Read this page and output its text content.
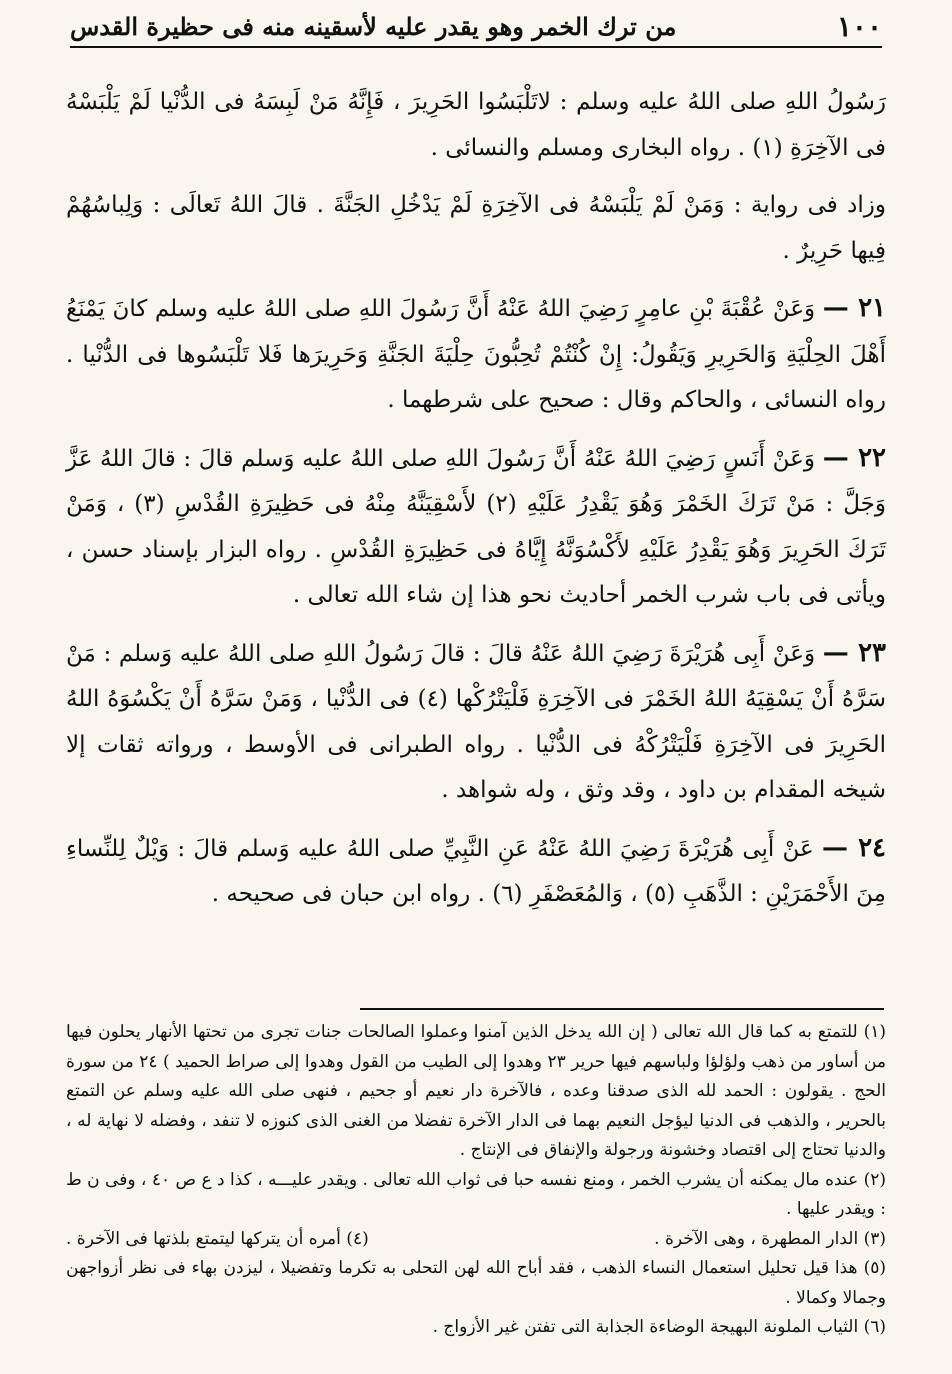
١٠٠
من ترك الخمر وهو يقدر عليه لأسقينه منه فى حظيرة القدس

رَسُولُ اللهِ صلى اللهُ عليه وسلم : لاتَلْبَسُوا الحَرِيرَ ، فَإِنَّهُ مَنْ لَبِسَهُ فى الدُّنْيا لَمْ يَلْبَسْهُ فى الآخِرَةِ (١) . رواه البخارى ومسلم والنسائى .

وزاد فى رواية : وَمَنْ لَمْ يَلْبَسْهُ فى الآخِرَةِ لَمْ يَدْخُلِ الجَنَّةَ . قالَ اللهُ تَعالَى : وَلِباسُهُمْ فِيها حَرِيرٌ .

٢١ — وَعَنْ عُقْبَةَ بْنِ عامِرٍ رَضِيَ اللهُ عَنْهُ أَنَّ رَسُولَ اللهِ صلى اللهُ عليه وسلم كانَ يَمْنَعُ أَهْلَ الحِلْيَةِ وَالحَرِيرِ وَيَقُولُ: إِنْ كُنْتُمْ تُحِبُّونَ حِلْيَةَ الجَنَّةِ وَحَرِيرَها فَلا تَلْبَسُوها فى الدُّنْيا . رواه النسائى ، والحاكم وقال : صحيح على شرطهما .

٢٢ — وَعَنْ أَنَسٍ رَضِيَ اللهُ عَنْهُ أَنَّ رَسُولَ اللهِ صلى اللهُ عليه وَسلم قالَ : قالَ اللهُ عَزَّ وَجَلَّ : مَنْ تَرَكَ الخَمْرَ وَهُوَ يَقْدِرُ عَلَيْهِ (٢) لأَسْقِيَنَّهُ مِنْهُ فى حَظِيرَةِ القُدْسِ (٣) ، وَمَنْ تَرَكَ الحَرِيرَ وَهُوَ يَقْدِرُ عَلَيْهِ لأَكْسُوَنَّهُ إِيَّاهُ فى حَظِيرَةِ القُدْسِ . رواه البزار بإسناد حسن ، ويأتى فى باب شرب الخمر أحاديث نحو هذا إن شاء الله تعالى .

٢٣ — وَعَنْ أَبِى هُرَيْرَةَ رَضِيَ اللهُ عَنْهُ قالَ : قالَ رَسُولُ اللهِ صلى اللهُ عليه وَسلم : مَنْ سَرَّهُ أَنْ يَسْقِيَهُ اللهُ الخَمْرَ فى الآخِرَةِ فَلْيَتْرُكْها (٤) فى الدُّنْيا ، وَمَنْ سَرَّهُ أَنْ يَكْسُوَهُ اللهُ الحَرِيرَ فى الآخِرَةِ فَلْيَتْرُكْهُ فى الدُّنْيا . رواه الطبرانى فى الأوسط ، ورواته ثقات إلا شيخه المقدام بن داود ، وقد وثق ، وله شواهد .

٢٤ — عَنْ أَبِى هُرَيْرَةَ رَضِيَ اللهُ عَنْهُ عَنِ النَّبِيِّ صلى اللهُ عليه وَسلم قالَ : وَيْلٌ لِلنِّساءِ مِنَ الأَحْمَرَيْنِ : الذَّهَبِ (٥) ، وَالمُعَصْفَرِ (٦) . رواه ابن حبان فى صحيحه .

(١) للتمتع به كما قال الله تعالى ( إن الله يدخل الذين آمنوا وعملوا الصالحات جنات تجرى من تحتها الأنهار يحلون فيها من أساور من ذهب ولؤلؤا ولباسهم فيها حرير ٢٣ وهدوا إلى الطيب من القول وهدوا إلى صراط الحميد ) ٢٤ من سورة الحج . يقولون : الحمد لله الذى صدقنا وعده ، فالآخرة دار نعيم أو جحيم ، فنهى صلى الله عليه وسلم عن التمتع بالحرير ، والذهب فى الدنيا ليؤجل النعيم بهما فى الدار الآخرة تفضلا من الغنى الذى كنوزه لا تنفد ، وفضله لا نهاية له ، والدنيا تحتاج إلى اقتصاد وخشونة ورجولة والإنفاق فى الإنتاج .

(٢) عنده مال يمكنه أن يشرب الخمر ، ومنع نفسه حبا فى ثواب الله تعالى . ويقدر عليـــه ، كذا د ع ص ٤٠ ، وفى ن ط : ويقدر عليها .

(٣) الدار المطهرة ، وهى الآخرة .
(٤) أمره أن يتركها ليتمتع بلذتها فى الآخرة .

(٥) هذا قيل تحليل استعمال النساء الذهب ، فقد أباح الله لهن التحلى به تكرما وتفضيلا ، ليزدن بهاء فى نظر أزواجهن وجمالا وكمالا .

(٦) الثياب الملونة البهيجة الوضاءة الجذابة التى تفتن غير الأزواج .
